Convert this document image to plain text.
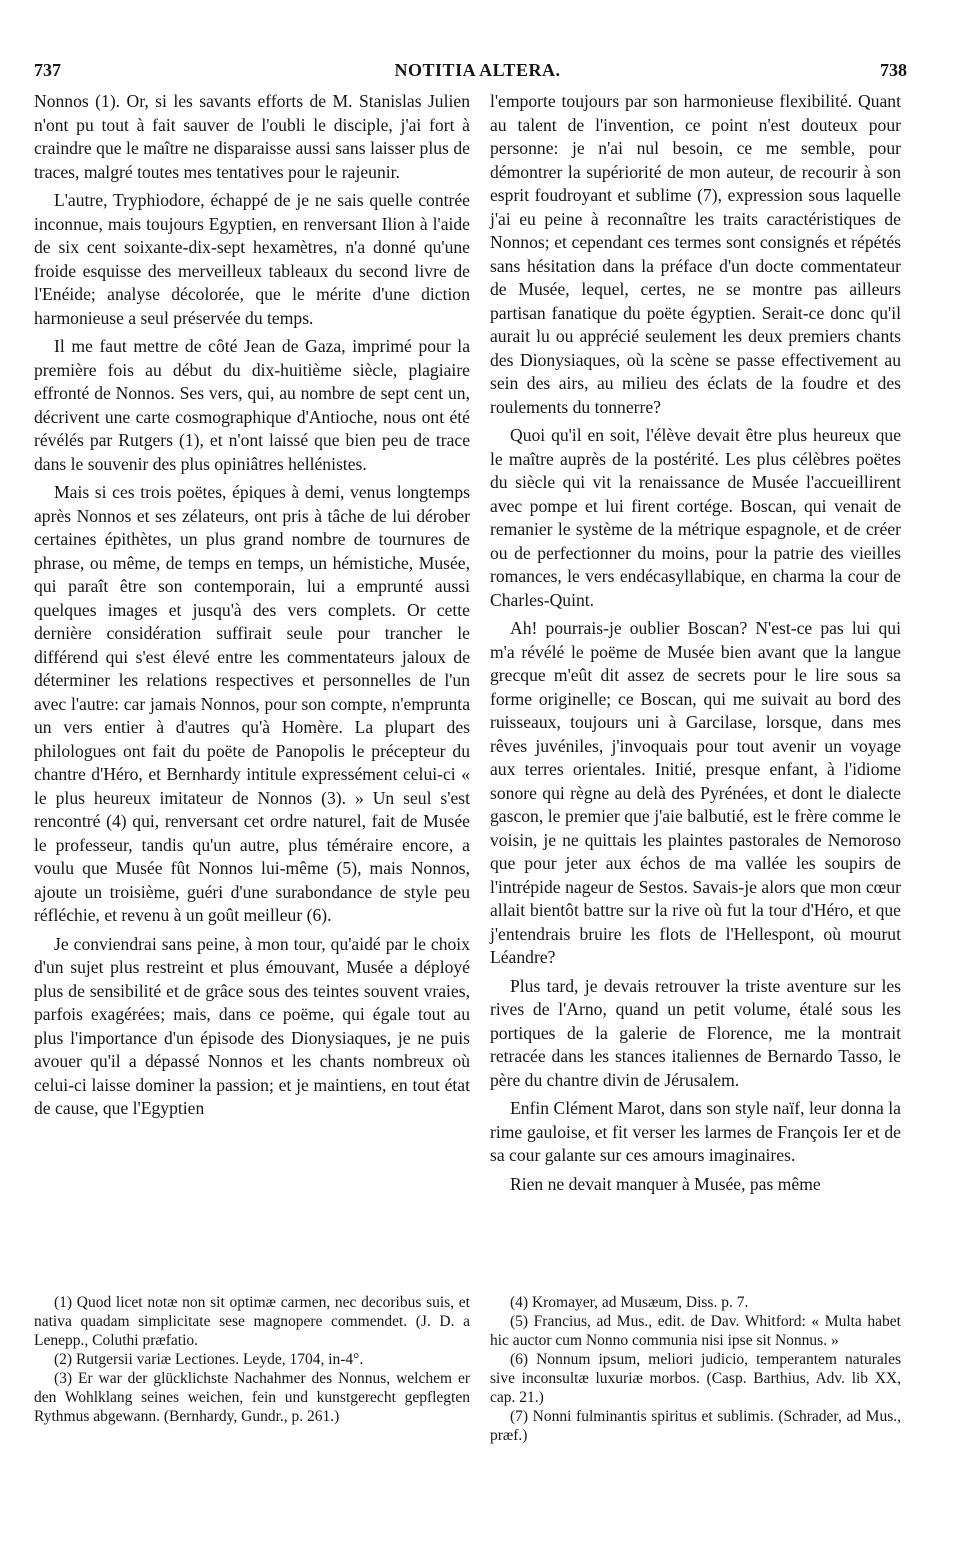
737	NOTITIA ALTERA.	738

Nonnos (1). Or, si les savants efforts de M. Stanislas Julien n'ont pu tout à fait sauver de l'oubli le disciple, j'ai fort à craindre que le maître ne disparaisse aussi sans laisser plus de traces, malgré toutes mes tentatives pour le rajeunir.

L'autre, Tryphiodore, échappé de je ne sais quelle contrée inconnue, mais toujours Egyptien, en renversant Ilion à l'aide de six cent soixante-dix-sept hexamètres, n'a donné qu'une froide esquisse des merveilleux tableaux du second livre de l'Enéide; analyse décolorée, que le mérite d'une diction harmonieuse a seul préservée du temps.

Il me faut mettre de côté Jean de Gaza, imprimé pour la première fois au début du dix-huitième siècle, plagiaire effronté de Nonnos. Ses vers, qui, au nombre de sept cent un, décrivent une carte cosmographique d'Antioche, nous ont été révélés par Rutgers (1), et n'ont laissé que bien peu de trace dans le souvenir des plus opiniâtres hellénistes.

Mais si ces trois poëtes, épiques à demi, venus longtemps après Nonnos et ses zélateurs, ont pris à tâche de lui dérober certaines épithètes, un plus grand nombre de tournures de phrase, ou même, de temps en temps, un hémistiche, Musée, qui paraît être son contemporain, lui a emprunté aussi quelques images et jusqu'à des vers complets. Or cette dernière considération suffirait seule pour trancher le différend qui s'est élevé entre les commentateurs jaloux de déterminer les relations respectives et personnelles de l'un avec l'autre: car jamais Nonnos, pour son compte, n'emprunta un vers entier à d'autres qu'à Homère. La plupart des philologues ont fait du poëte de Panopolis le précepteur du chantre d'Héro, et Bernhardy intitule expressément celui-ci « le plus heureux imitateur de Nonnos (3). » Un seul s'est rencontré (4) qui, renversant cet ordre naturel, fait de Musée le professeur, tandis qu'un autre, plus téméraire encore, a voulu que Musée fût Nonnos lui-même (5), mais Nonnos, ajoute un troisième, guéri d'une surabondance de style peu réfléchie, et revenu à un goût meilleur (6).

Je conviendrai sans peine, à mon tour, qu'aidé par le choix d'un sujet plus restreint et plus émouvant, Musée a déployé plus de sensibilité et de grâce sous des teintes souvent vraies, parfois exagérées; mais, dans ce poëme, qui égale tout au plus l'importance d'un épisode des Dionysiaques, je ne puis avouer qu'il a dépassé Nonnos et les chants nombreux où celui-ci laisse dominer la passion; et je maintiens, en tout état de cause, que l'Egyptien

l'emporte toujours par son harmonieuse flexibilité. Quant au talent de l'invention, ce point n'est douteux pour personne: je n'ai nul besoin, ce me semble, pour démontrer la supériorité de mon auteur, de recourir à son esprit foudroyant et sublime (7), expression sous laquelle j'ai eu peine à reconnaître les traits caractéristiques de Nonnos; et cependant ces termes sont consignés et répétés sans hésitation dans la préface d'un docte commentateur de Musée, lequel, certes, ne se montre pas ailleurs partisan fanatique du poëte égyptien. Serait-ce donc qu'il aurait lu ou apprécié seulement les deux premiers chants des Dionysiaques, où la scène se passe effectivement au sein des airs, au milieu des éclats de la foudre et des roulements du tonnerre?

Quoi qu'il en soit, l'élève devait être plus heureux que le maître auprès de la postérité. Les plus célèbres poëtes du siècle qui vit la renaissance de Musée l'accueillirent avec pompe et lui firent cortége. Boscan, qui venait de remanier le système de la métrique espagnole, et de créer ou de perfectionner du moins, pour la patrie des vieilles romances, le vers endécasyllabique, en charma la cour de Charles-Quint.

Ah! pourrais-je oublier Boscan? N'est-ce pas lui qui m'a révélé le poëme de Musée bien avant que la langue grecque m'eût dit assez de secrets pour le lire sous sa forme originelle; ce Boscan, qui me suivait au bord des ruisseaux, toujours uni à Garcilase, lorsque, dans mes rêves juvéniles, j'invoquais pour tout avenir un voyage aux terres orientales. Initié, presque enfant, à l'idiome sonore qui règne au delà des Pyrénées, et dont le dialecte gascon, le premier que j'aie balbutié, est le frère comme le voisin, je ne quittais les plaintes pastorales de Nemoroso que pour jeter aux échos de ma vallée les soupirs de l'intrépide nageur de Sestos. Savais-je alors que mon cœur allait bientôt battre sur la rive où fut la tour d'Héro, et que j'entendrais bruire les flots de l'Hellespont, où mourut Léandre?

Plus tard, je devais retrouver la triste aventure sur les rives de l'Arno, quand un petit volume, étalé sous les portiques de la galerie de Florence, me la montrait retracée dans les stances italiennes de Bernardo Tasso, le père du chantre divin de Jérusalem.

Enfin Clément Marot, dans son style naïf, leur donna la rime gauloise, et fit verser les larmes de François Ier et de sa cour galante sur ces amours imaginaires.

Rien ne devait manquer à Musée, pas même

(1) Quod licet notæ non sit optimæ carmen, nec decoribus suis, et nativa quadam simplicitate sese magnopere commendet. (J. D. a Lenepp., Coluthi præfatio.

(2) Rutgersii variæ Lectiones. Leyde, 1704, in-4°.

(3) Er war der glücklichste Nachahmer des Nonnus, welchem er den Wohlklang seines weichen, fein und kunstgerecht gepflegten Rythmus abgewann. (Bernhardy, Gundr., p. 261.)

(4) Kromayer, ad Musæum, Diss. p. 7.

(5) Francius, ad Mus., edit. de Dav. Whitford: « Multa habet hic auctor cum Nonno communia nisi ipse sit Nonnus. »

(6) Nonnum ipsum, meliori judicio, temperantem naturales sive inconsultæ luxuriæ morbos. (Casp. Barthius, Adv. lib XX, cap. 21.)

(7) Nonni fulminantis spiritus et sublimis. (Schrader, ad Mus., præf.)
